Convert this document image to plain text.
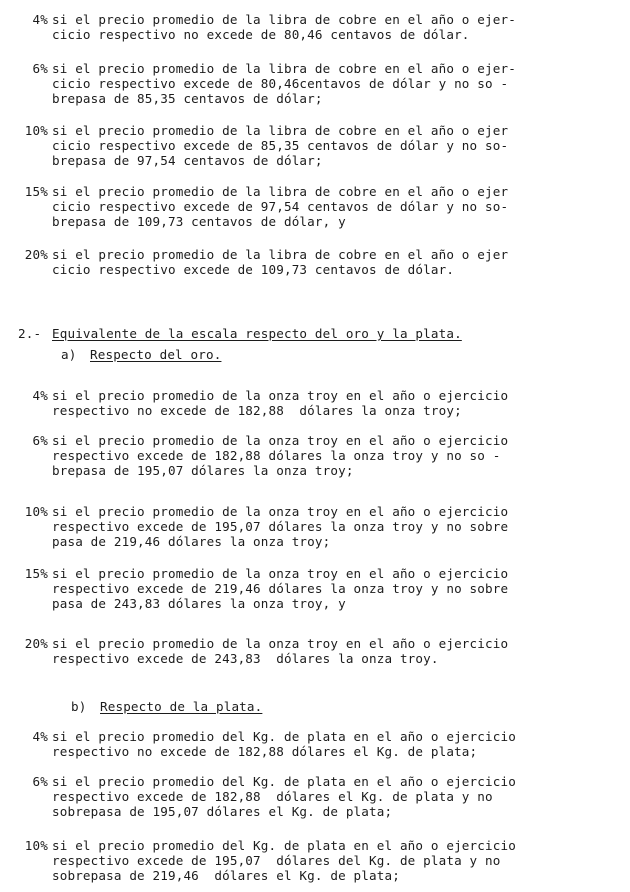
4% si el precio promedio de la libra de cobre en el año o ejer-
cicio respectivo no excede de 80,46 centavos de dólar.
6% si el precio promedio de la libra de cobre en el año o ejer-
cicio respectivo excede de 80,46centavos de dólar y no so -
brepasa de 85,35 centavos de dólar;
10% si el precio promedio de la libra de cobre en el año o ejer
cicio respectivo excede de 85,35 centavos de dólar y no so-
brepasa de 97,54 centavos de dólar;
15% si el precio promedio de la libra de cobre en el año o ejer
cicio respectivo excede de 97,54 centavos de dólar y no so-
brepasa de 109,73 centavos de dólar, y
20% si el precio promedio de la libra de cobre en el año o ejer
cicio respectivo excede de 109,73 centavos de dólar.
2.- Equivalente de la escala respecto del oro y la plata.
a) Respecto del oro.
4% si el precio promedio de la onza troy en el año o ejercicio
respectivo no excede de 182,88  dólares la onza troy;
6% si el precio promedio de la onza troy en el año o ejercicio
respectivo excede de 182,88 dólares la onza troy y no so -
brepasa de 195,07 dólares la onza troy;
10% si el precio promedio de la onza troy en el año o ejercicio
respectivo excede de 195,07 dólares la onza troy y no sobre
pasa de 219,46 dólares la onza troy;
15% si el precio promedio de la onza troy en el año o ejercicio
respectivo excede de 219,46 dólares la onza troy y no sobre
pasa de 243,83 dólares la onza troy, y
20% si el precio promedio de la onza troy en el año o ejercicio
respectivo excede de 243,83  dólares la onza troy.
b) Respecto de la plata.
4% si el precio promedio del Kg. de plata en el año o ejercicio
respectivo no excede de 182,88 dólares el Kg. de plata;
6% si el precio promedio del Kg. de plata en el año o ejercicio
respectivo excede de 182,88  dólares el Kg. de plata y no
sobrepasa de 195,07 dólares el Kg. de plata;
10% si el precio promedio del Kg. de plata en el año o ejercicio
respectivo excede de 195,07  dólares del Kg. de plata y no
sobrepasa de 219,46  dólares el Kg. de plata;
